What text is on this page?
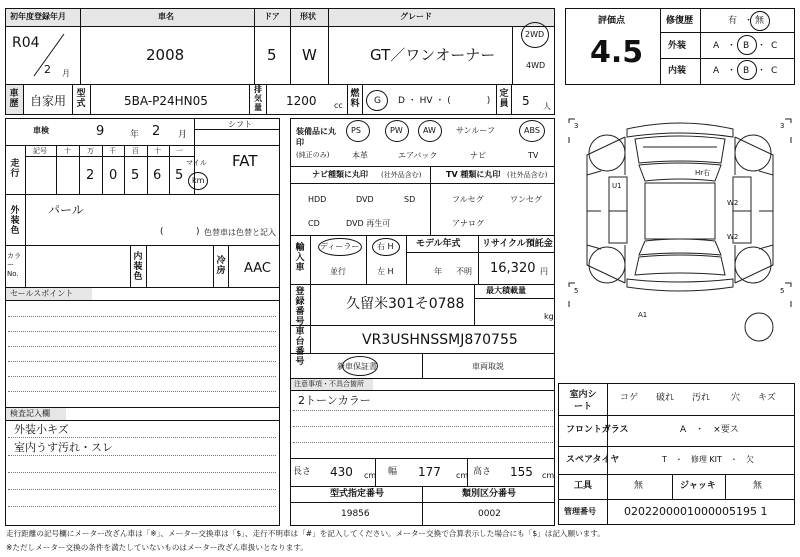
初年度登録年月	車名	ドア	形状	グレード
R04
2 月
2008	5 W	GT／ワンオーナー
2WD
4WD
車歴 自家用 型式	5BA-P24HN05
排気量 1200 cc
燃料 G D ・ HV ・ (　　　　)
定員 5 人
車検	9	年 2 月
シフト
FAT
走行
記号 十 万 千 百 十 一
2 0 5 6 5
マイル
km
外装色
パール
(	) 色替車は色替と記入
カラーNo.
内装色
冷房 AAC
セールスポイント
検査記入欄
外装小キズ
室内うす汚れ・スレ
装備品に丸印
(純正のみ)
PS	PW	AW	サンルーフ	ABS
本革	エアバック	ナビ	TV
ナビ種類に丸印 (社外品含む)	TV 種類に丸印 (社外品含む)
HDD	DVD	SD
CD	DVD 再生可
フルセグ	ワンセグ
アナログ
輸入車
ディーラー
並行
右 H
左 H
モデル年式
年 不明
リサイクル預託金
16,320 円
登録番号
久留米301そ0788
最大積載量
kg
車台番号
VR3USHNSSMJ870755
新車保証書	車両取説
注意事項・不具合箇所
2トーンカラー
長さ 430 cm 幅 177 cm 高さ 155 cm
型式指定番号	類別区分番号
19856	0002
評価点
4.5
修復歴	有 ・ 無
外装	A ・ B ・ C
内装	A ・ B ・ C
3	3
5	5
U1
Hr右
W2
W2
A1
室内シート
コゲ 破れ 汚れ 穴 キズ
フロントガラス	A　・　×要ス
スペアタイヤ	T　・　修理 KIT　・　欠
工具	無	ジャッキ	無
管理番号	0202200001000005195 1
走行距離の記号欄にメーター改ざん車は「※」、メーター交換車は「$」、走行不明車は「#」を記入してください。メーター交換で合算表示した場合にも「$」は記入願います。
※ただしメーター交換の条件を満たしていないものはメーター改ざん車扱いとなります。
